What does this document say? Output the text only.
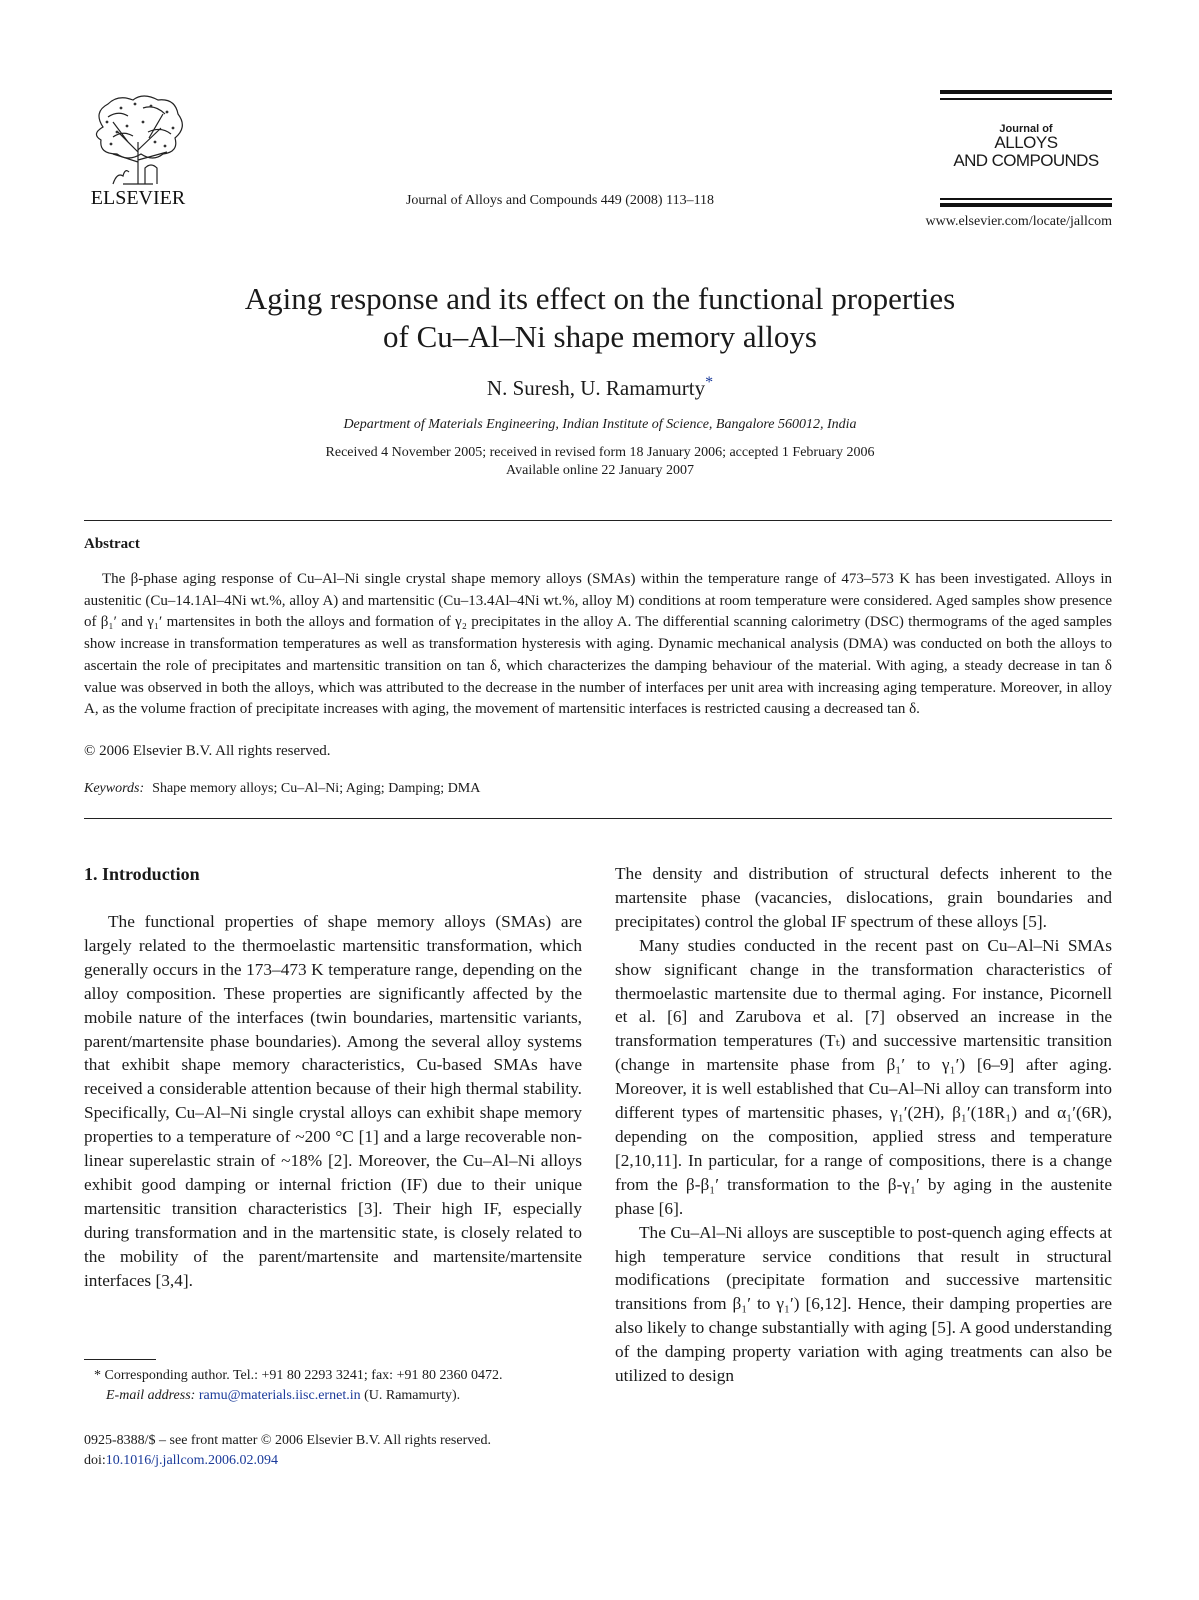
ELSEVIER	Journal of Alloys and Compounds 449 (2008) 113–118
Journal of
ALLOYS
AND COMPOUNDS
www.elsevier.com/locate/jallcom
Aging response and its effect on the functional properties
of Cu–Al–Ni shape memory alloys
N. Suresh, U. Ramamurty*
Department of Materials Engineering, Indian Institute of Science, Bangalore 560012, India
Received 4 November 2005; received in revised form 18 January 2006; accepted 1 February 2006
Available online 22 January 2007
Abstract

The β-phase aging response of Cu–Al–Ni single crystal shape memory alloys (SMAs) within the temperature range of 473–573 K has been investigated. Alloys in austenitic (Cu–14.1Al–4Ni wt.%, alloy A) and martensitic (Cu–13.4Al–4Ni wt.%, alloy M) conditions at room temperature were considered. Aged samples show presence of β₁′ and γ₁′ martensites in both the alloys and formation of γ₂ precipitates in the alloy A. The differential scanning calorimetry (DSC) thermograms of the aged samples show increase in transformation temperatures as well as transformation hysteresis with aging. Dynamic mechanical analysis (DMA) was conducted on both the alloys to ascertain the role of precipitates and martensitic transition on tan δ, which characterizes the damping behaviour of the material. With aging, a steady decrease in tan δ value was observed in both the alloys, which was attributed to the decrease in the number of interfaces per unit area with increasing aging temperature. Moreover, in alloy A, as the volume fraction of precipitate increases with aging, the movement of martensitic interfaces is restricted causing a decreased tan δ.

© 2006 Elsevier B.V. All rights reserved.
Keywords: Shape memory alloys; Cu–Al–Ni; Aging; Damping; DMA
1. Introduction

The functional properties of shape memory alloys (SMAs) are largely related to the thermoelastic martensitic transformation, which generally occurs in the 173–473 K temperature range, depending on the alloy composition. These properties are significantly affected by the mobile nature of the interfaces (twin boundaries, martensitic variants, parent/martensite phase boundaries). Among the several alloy systems that exhibit shape memory characteristics, Cu-based SMAs have received a considerable attention because of their high thermal stability. Specifically, Cu–Al–Ni single crystal alloys can exhibit shape memory properties to a temperature of ~200 °C [1] and a large recoverable non-linear superelastic strain of ~18% [2]. Moreover, the Cu–Al–Ni alloys exhibit good damping or internal friction (IF) due to their unique martensitic transition characteristics [3]. Their high IF, especially during transformation and in the martensitic state, is closely related to the mobility of the parent/martensite and martensite/martensite interfaces [3,4].

The density and distribution of structural defects inherent to the martensite phase (vacancies, dislocations, grain boundaries and precipitates) control the global IF spectrum of these alloys [5].

Many studies conducted in the recent past on Cu–Al–Ni SMAs show significant change in the transformation characteristics of thermoelastic martensite due to thermal aging. For instance, Picornell et al. [6] and Zarubova et al. [7] observed an increase in the transformation temperatures (Tₜ) and successive martensitic transition (change in martensite phase from β₁′ to γ₁′) [6–9] after aging. Moreover, it is well established that Cu–Al–Ni alloy can transform into different types of martensitic phases, γ₁′(2H), β₁′(18R₁) and α₁′(6R), depending on the composition, applied stress and temperature [2,10,11]. In particular, for a range of compositions, there is a change from the β-β₁′ transformation to the β-γ₁′ by aging in the austenite phase [6].

The Cu–Al–Ni alloys are susceptible to post-quench aging effects at high temperature service conditions that result in structural modifications (precipitate formation and successive martensitic transitions from β₁′ to γ₁′) [6,12]. Hence, their damping properties are also likely to change substantially with aging [5]. A good understanding of the damping property variation with aging treatments can also be utilized to design

* Corresponding author. Tel.: +91 80 2293 3241; fax: +91 80 2360 0472.
E-mail address: ramu@materials.iisc.ernet.in (U. Ramamurty).
0925-8388/$ – see front matter © 2006 Elsevier B.V. All rights reserved.
doi:10.1016/j.jallcom.2006.02.094
